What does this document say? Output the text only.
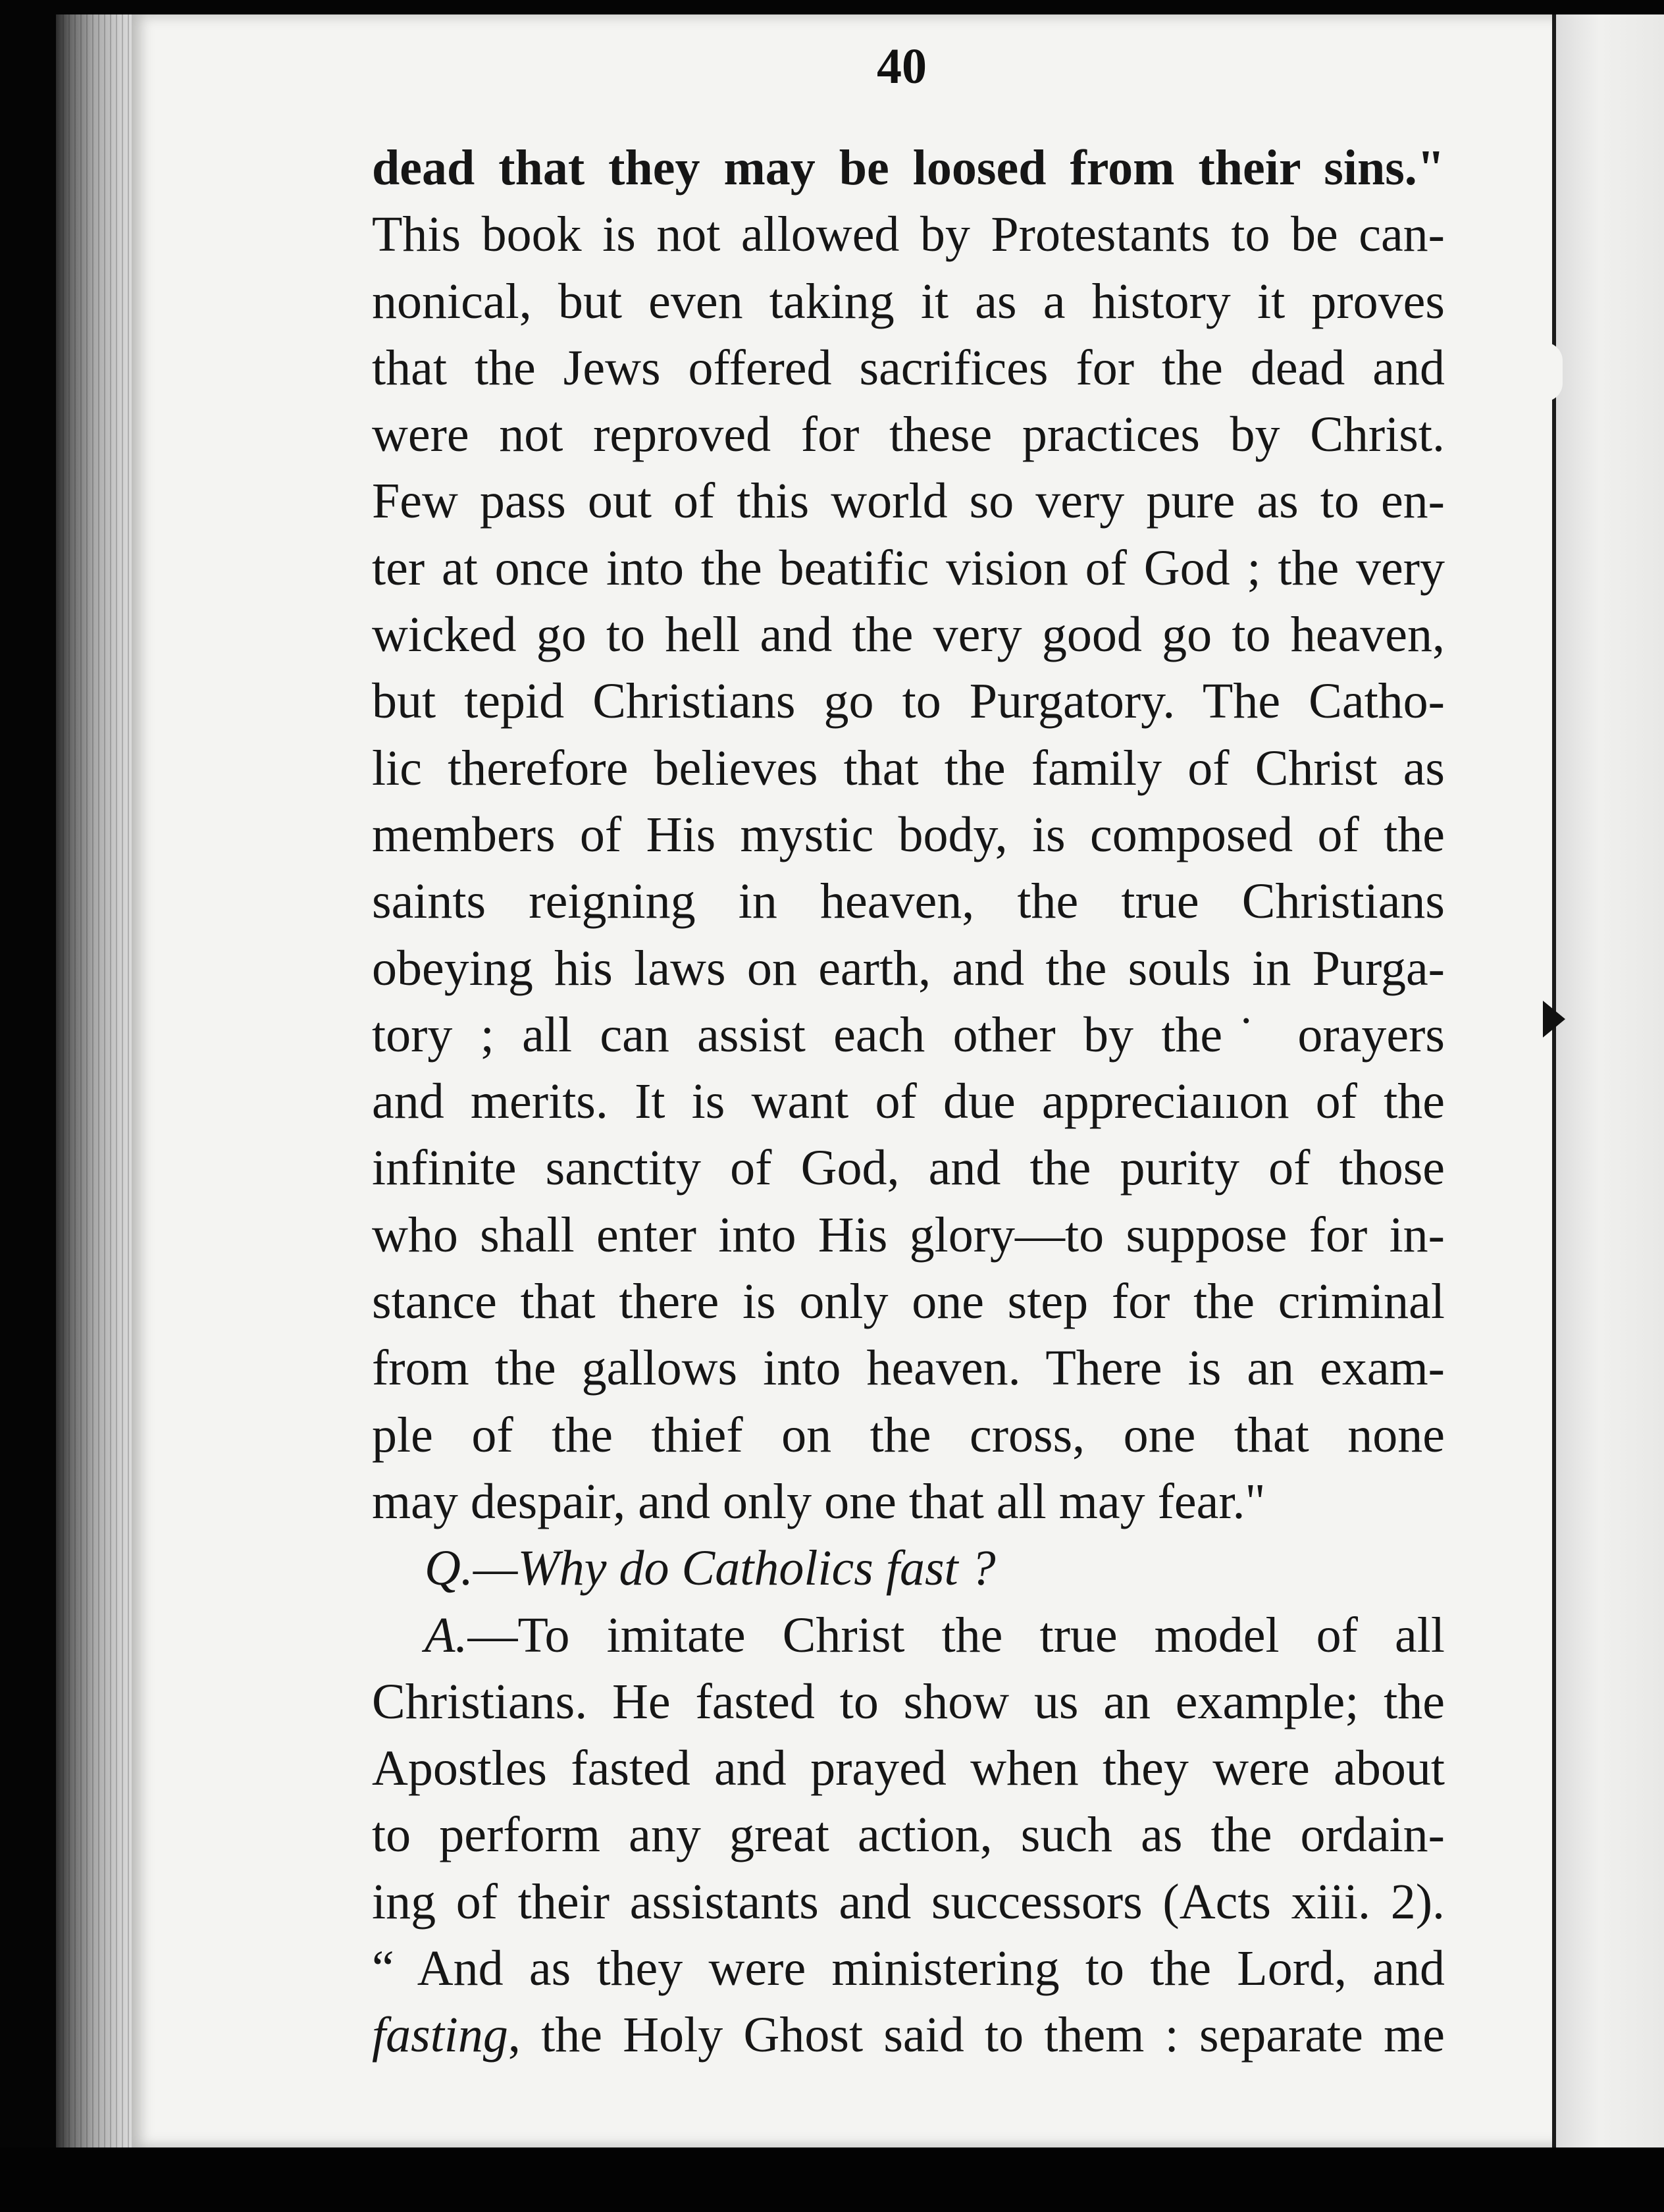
40
dead that they may be loosed from their sins."
This book is not allowed by Protestants to be can-
nonical, but even taking it as a history it proves
that the Jews offered sacrifices for the dead and
were not reproved for these practices by Christ.
Few pass out of this world so very pure as to en-
ter at once into the beatific vision of God ; the very
wicked go to hell and the very good go to heaven,
but tepid Christians go to Purgatory. The Catho-
lic therefore believes that the family of Christ as
members of His mystic body, is composed of the
saints reigning in heaven, the true Christians
obeying his laws on earth, and the souls in Purga-
tory ; all can assist each other by the˙ orayers
and merits. It is want of due appreciaııon of the
infinite sanctity of God, and the purity of those
who shall enter into His glory—to suppose for in-
stance that there is only one step for the criminal
from the gallows into heaven. There is an exam-
ple of the thief on the cross, one that none
may despair, and only one that all may fear."
Q.—Why do Catholics fast ?
A.—To imitate Christ the true model of all
Christians. He fasted to show us an example; the
Apostles fasted and prayed when they were about
to perform any great action, such as the ordain-
ing of their assistants and successors (Acts xiii. 2).
“ And as they were ministering to the Lord, and
fasting, the Holy Ghost said to them : separate me
